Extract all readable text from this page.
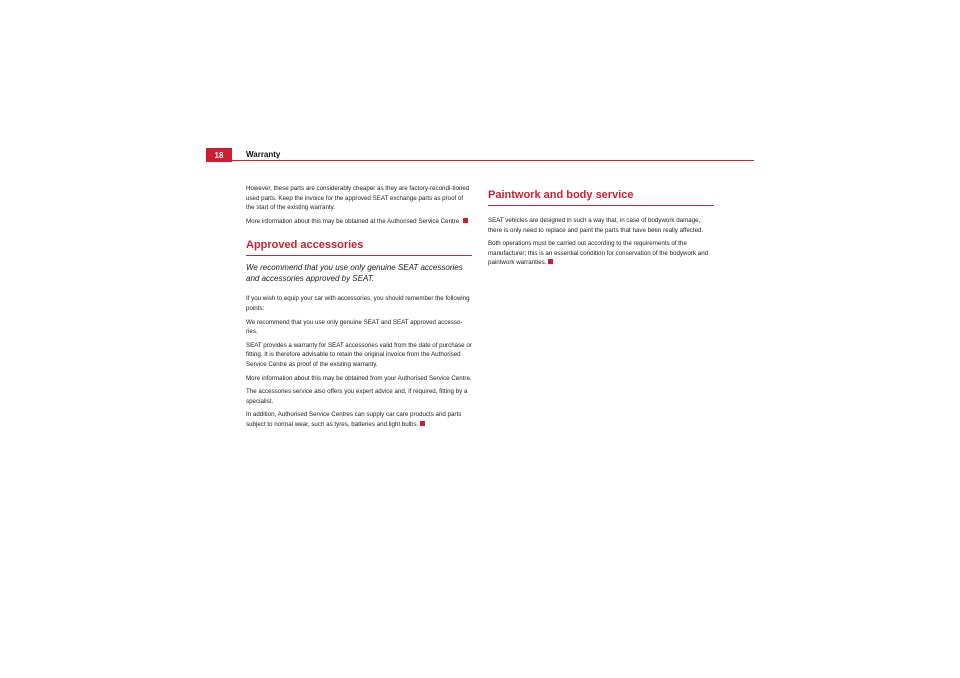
18	Warranty

However, these parts are considerably cheaper as they are factory-recondi-tioned used parts. Keep the invoice for the approved SEAT exchange parts as proof of the start of the existing warranty.

More information about this may be obtained at the Authorised Service Centre.

Approved accessories
We recommend that you use only genuine SEAT accessories and accessories approved by SEAT.

If you wish to equip your car with accessories, you should remember the following points:

We recommend that you use only genuine SEAT and SEAT approved accesso-ries.

SEAT provides a warranty for SEAT accessories valid from the date of purchase or fitting. It is therefore advisable to retain the original invoice from the Authorised Service Centre as proof of the existing warranty.

More information about this may be obtained from your Authorised Service Centre.

The accessories service also offers you expert advice and, if required, fitting by a specialist.

In addition, Authorised Service Centres can supply car care products and parts subject to normal wear, such as tyres, batteries and light bulbs.

Paintwork and body service

SEAT vehicles are designed in such a way that, in case of bodywork damage, there is only need to replace and paint the parts that have been really affected.

Both operations must be carried out according to the requirements of the manufacturer; this is an essential condition for conservation of the bodywork and paintwork warranties.
